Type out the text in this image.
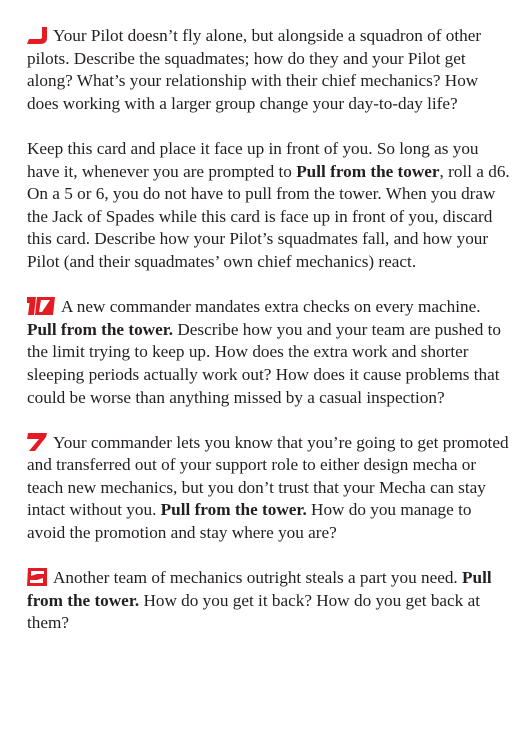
Your Pilot doesn’t fly alone, but alongside a squadron of other pilots. Describe the squadmates; how do they and your Pilot get along? What’s your relationship with their chief mechanics? How does working with a larger group change your day-to-day life?

Keep this card and place it face up in front of you. So long as you have it, whenever you are prompted to Pull from the tower, roll a d6. On a 5 or 6, you do not have to pull from the tower. When you draw the Jack of Spades while this card is face up in front of you, discard this card. Describe how your Pilot’s squadmates fall, and how your Pilot (and their squadmates’ own chief mechanics) react.

A new commander mandates extra checks on every machine. Pull from the tower. Describe how you and your team are pushed to the limit trying to keep up. How does the extra work and shorter sleeping periods actually work out? How does it cause problems that could be worse than anything missed by a casual inspection?

Your commander lets you know that you’re going to get promoted and transferred out of your support role to either design mecha or teach new mechanics, but you don’t trust that your Mecha can stay intact without you. Pull from the tower. How do you manage to avoid the promotion and stay where you are?

Another team of mechanics outright steals a part you need. Pull from the tower. How do you get it back? How do you get back at them?
